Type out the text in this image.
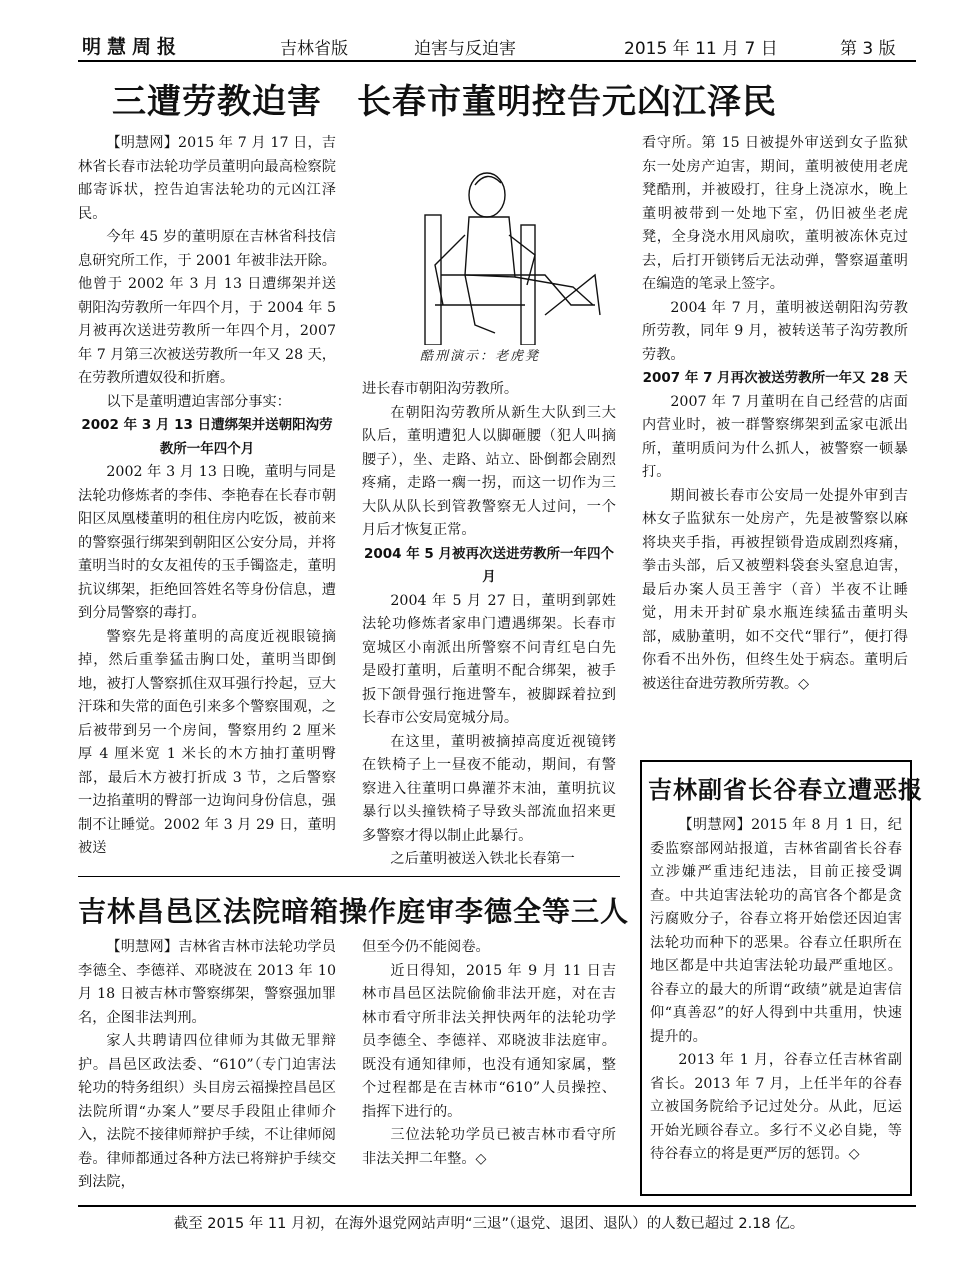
明慧周报	吉林省版	迫害与反迫害	2015 年 11 月 7 日	第 3 版
三遭劳教迫害　长春市董明控告元凶江泽民

【明慧网】2015 年 7 月 17 日，吉林省长春市法轮功学员董明向最高检察院邮寄诉状，控告迫害法轮功的元凶江泽民。

今年 45 岁的董明原在吉林省科技信息研究所工作，于 2001 年被非法开除。他曾于 2002 年 3 月 13 日遭绑架并送朝阳沟劳教所一年四个月，于 2004 年 5 月被再次送进劳教所一年四个月，2007 年 7 月第三次被送劳教所一年又 28 天，在劳教所遭奴役和折磨。

以下是董明遭迫害部分事实：

2002 年 3 月 13 日遭绑架并送朝阳沟劳教所一年四个月

2002 年 3 月 13 日晚，董明与同是法轮功修炼者的李伟、李艳春在长春市朝阳区凤凰楼董明的租住房内吃饭，被前来的警察强行绑架到朝阳区公安分局，并将董明当时的女友祖传的玉手镯盗走，董明抗议绑架，拒绝回答姓名等身份信息，遭到分局警察的毒打。

警察先是将董明的高度近视眼镜摘掉，然后重拳猛击胸口处，董明当即倒地，被打人警察抓住双耳强行拎起，豆大汗珠和失常的面色引来多个警察围观，之后被带到另一个房间，警察用约 2 厘米厚 4 厘米宽 1 米长的木方抽打董明臀部，最后木方被打折成 3 节，之后警察一边掐董明的臀部一边询问身份信息，强制不让睡觉。2002 年 3 月 29 日，董明被送

酷刑演示：老虎凳

进长春市朝阳沟劳教所。

在朝阳沟劳教所从新生大队到三大队后，董明遭犯人以脚砸腰（犯人叫摘腰子），坐、走路、站立、卧倒都会剧烈疼痛，走路一瘸一拐，而这一切作为三大队从队长到管教警察无人过问，一个月后才恢复正常。

2004 年 5 月被再次送进劳教所一年四个月

2004 年 5 月 27 日，董明到郭姓法轮功修炼者家串门遭遇绑架。长春市宽城区小南派出所警察不问青红皂白先是殴打董明，后董明不配合绑架，被手扳下颌骨强行拖进警车，被脚踩着拉到长春市公安局宽城分局。

在这里，董明被摘掉高度近视镜铐在铁椅子上一昼夜不能动，期间，有警察进入往董明口鼻灌芥末油，董明抗议暴行以头撞铁椅子导致头部流血招来更多警察才得以制止此暴行。

之后董明被送入铁北长春第一

看守所。第 15 日被提外审送到女子监狱东一处房产迫害，期间，董明被使用老虎凳酷刑，并被殴打，往身上浇凉水，晚上董明被带到一处地下室，仍旧被坐老虎凳，全身浇水用风扇吹，董明被冻休克过去，后打开锁铐后无法动弹，警察逼董明在编造的笔录上签字。

2004 年 7 月，董明被送朝阳沟劳教所劳教，同年 9 月，被转送苇子沟劳教所劳教。

2007 年 7 月再次被送劳教所一年又 28 天

2007 年 7 月董明在自己经营的店面内营业时，被一群警察绑架到孟家屯派出所，董明质问为什么抓人，被警察一顿暴打。

期间被长春市公安局一处提外审到吉林女子监狱东一处房产，先是被警察以麻将块夹手指，再被捏锁骨造成剧烈疼痛，拳击头部，后又被塑料袋套头窒息迫害，最后办案人员王善宇（音）半夜不让睡觉，用未开封矿泉水瓶连续猛击董明头部，威胁董明，如不交代“罪行”，便打得你看不出外伤，但终生处于病态。董明后被送往奋进劳教所劳教。◇

吉林昌邑区法院暗箱操作庭审李德全等三人

【明慧网】吉林省吉林市法轮功学员李德全、李德祥、邓晓波在 2013 年 10 月 18 日被吉林市警察绑架，警察强加罪名，企图非法判刑。

家人共聘请四位律师为其做无罪辩护。昌邑区政法委、“610”（专门迫害法轮功的特务组织）头目房云福操控昌邑区法院所谓“办案人”要尽手段阻止律师介入，法院不接律师辩护手续，不让律师阅卷。律师都通过各种方法已将辩护手续交到法院，

但至今仍不能阅卷。

近日得知，2015 年 9 月 11 日吉林市昌邑区法院偷偷非法开庭，对在吉林市看守所非法关押快两年的法轮功学员李德全、李德祥、邓晓波非法庭审。既没有通知律师，也没有通知家属，整个过程都是在吉林市“610”人员操控、指挥下进行的。

三位法轮功学员已被吉林市看守所非法关押二年整。◇

吉林副省长谷春立遭恶报

【明慧网】2015 年 8 月 1 日，纪委监察部网站报道，吉林省副省长谷春立涉嫌严重违纪违法，目前正接受调查。中共迫害法轮功的高官各个都是贪污腐败分子，谷春立将开始偿还因迫害法轮功而种下的恶果。谷春立任职所在地区都是中共迫害法轮功最严重地区。谷春立的最大的所谓“政绩”就是迫害信仰“真善忍”的好人得到中共重用，快速提升的。

2013 年 1 月，谷春立任吉林省副省长。2013 年 7 月，上任半年的谷春立被国务院给予记过处分。从此，厄运开始光顾谷春立。多行不义必自毙，等待谷春立的将是更严厉的惩罚。◇

截至 2015 年 11 月初，在海外退党网站声明“三退”（退党、退团、退队）的人数已超过 2.18 亿。
